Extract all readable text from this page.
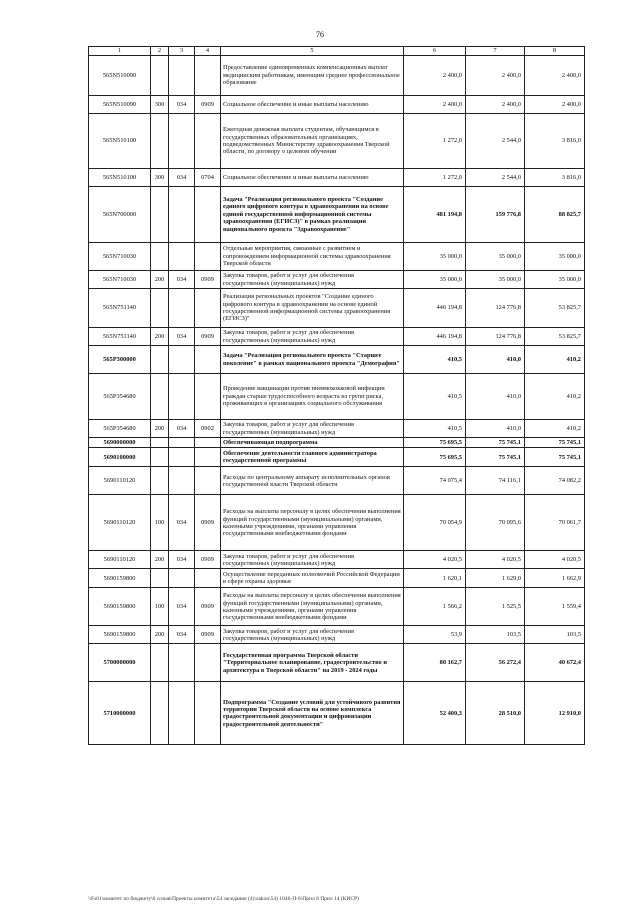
76
1	2	3	4	5	6	7	8
565N510090				Предоставление единовременных компенсационных выплат медицинским работникам, имеющим среднее профессиональное образование	2 400,0	2 400,0	2 400,0
565N510090	300	034	0909	Социальное обеспечение и иные выплаты населению	2 400,0	2 400,0	2 400,0
565N510100				Ежегодная денежная выплата студентам, обучающимся в государственных образовательных организациях, подведомственных Министерству здравоохранения Тверской области, по договору о целевом обучении	1 272,0	2 544,0	3 816,0
565N510100	300	034	0704	Социальное обеспечение и иные выплаты населению	1 272,0	2 544,0	3 816,0
565N700000				Задача "Реализация регионального проекта "Создание единого цифрового контура в здравоохранении на основе единой государственной информационной системы здравоохранения (ЕГИСЗ)" в рамках реализации национального проекта "Здравоохранение"	481 194,8	159 776,8	88 825,7
565N710030				Отдельные мероприятия, связанные с развитием и сопровождением информационной системы здравоохранения Тверской области	35 000,0	35 000,0	35 000,0
565N710030	200	034	0909	Закупка товаров, работ и услуг для обеспечения государственных (муниципальных) нужд	35 000,0	35 000,0	35 000,0
565N751140				Реализация региональных проектов "Создание единого цифрового контура в здравоохранении на основе единой государственной информационной системы здравоохранения (ЕГИСЗ)"	446 194,8	124 776,8	53 825,7
565N751140	200	034	0909	Закупка товаров, работ и услуг для обеспечения государственных (муниципальных) нужд	446 194,8	124 776,8	53 825,7
565P300000				Задача "Реализация регионального проекта "Старшее поколение" в рамках национального проекта "Демография"	410,5	410,0	410,2
565P354680				Проведение вакцинации против пневмококковой инфекции граждан старше трудоспособного возраста из групп риска, проживающих в организациях социального обслуживания	410,5	410,0	410,2
565P354680	200	034	0902	Закупка товаров, работ и услуг для обеспечения государственных (муниципальных) нужд	410,5	410,0	410,2
5690000000				Обеспечивающая подпрограмма	75 695,5	75 745,1	75 745,1
5690100000				Обеспечение деятельности главного администратора государственной программы	75 695,5	75 745,1	75 745,1
5690110120				Расходы по центральному аппарату исполнительных органов государственной власти Тверской области	74 075,4	74 116,1	74 082,2
5690110120	100	034	0909	Расходы на выплаты персоналу в целях обеспечения выполнения функций государственными (муниципальными) органами, казенными учреждениями, органами управления государственными внебюджетными фондами	70 054,9	70 095,6	70 061,7
5690110120	200	034	0909	Закупка товаров, работ и услуг для обеспечения государственных (муниципальных) нужд	4 020,5	4 020,5	4 020,5
5690159800				Осуществление переданных полномочий Российской Федерации в сфере охраны здоровья	1 620,1	1 629,0	1 662,9
5690159800	100	034	0909	Расходы на выплаты персоналу в целях обеспечения выполнения функций государственными (муниципальными) органами, казенными учреждениями, органами управления государственными внебюджетными фондами	1 566,2	1 525,5	1 559,4
5690159800	200	034	0909	Закупка товаров, работ и услуг для обеспечения государственных (муниципальных) нужд	53,9	103,5	103,5
5700000000				Государственная программа Тверской области "Территориальное планирование, градостроительство и архитектура в Тверской области" на 2019 - 2024 годы	80 162,7	56 272,4	40 672,4
5710000000				Подпрограмма "Создание условий для устойчивого развития территории Тверской области на основе комплекса градостроительной документации и цифровизации градостроительной деятельности"	52 400,3	28 510,0	12 910,0
\\Fs01\комитет по бюджету\6 созыв\Проекты комитета\54 заседание (4)\zakon\54) 1046-П-6\Прил 8 Прил 14 (КИСР)
